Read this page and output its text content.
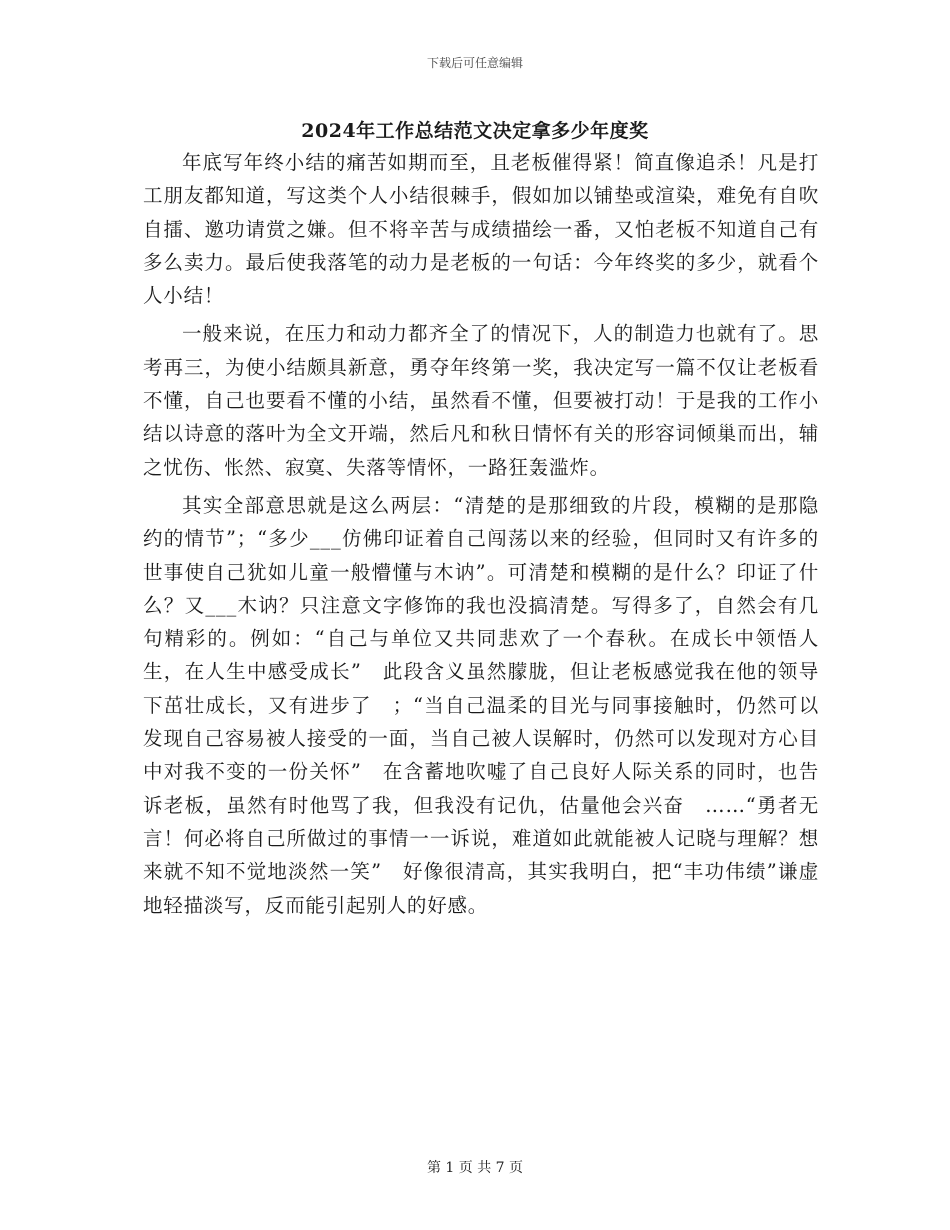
下载后可任意编辑
2024年工作总结范文决定拿多少年度奖

年底写年终小结的痛苦如期而至，且老板催得紧！简直像追杀！凡是打工朋友都知道，写这类个人小结很棘手，假如加以铺垫或渲染，难免有自吹自擂、邀功请赏之嫌。但不将辛苦与成绩描绘一番，又怕老板不知道自己有多么卖力。最后使我落笔的动力是老板的一句话：今年终奖的多少，就看个人小结！

一般来说，在压力和动力都齐全了的情况下，人的制造力也就有了。思考再三，为使小结颇具新意，勇夺年终第一奖，我决定写一篇不仅让老板看不懂，自己也要看不懂的小结，虽然看不懂，但要被打动！于是我的工作小结以诗意的落叶为全文开端，然后凡和秋日情怀有关的形容词倾巢而出，辅之忧伤、怅然、寂寞、失落等情怀，一路狂轰滥炸。

其实全部意思就是这么两层：“清楚的是那细致的片段，模糊的是那隐约的情节”；“多少___仿佛印证着自己闯荡以来的经验，但同时又有许多的世事使自己犹如儿童一般懵懂与木讷”。可清楚和模糊的是什么？印证了什么？又___木讷？只注意文字修饰的我也没搞清楚。写得多了，自然会有几句精彩的。例如：“自己与单位又共同悲欢了一个春秋。在成长中领悟人生，在人生中感受成长”　此段含义虽然朦胧，但让老板感觉我在他的领导下茁壮成长，又有进步了　；“当自己温柔的目光与同事接触时，仍然可以发现自己容易被人接受的一面，当自己被人误解时，仍然可以发现对方心目中对我不变的一份关怀”　在含蓄地吹嘘了自己良好人际关系的同时，也告诉老板，虽然有时他骂了我，但我没有记仇，估量他会兴奋　……“勇者无言！何必将自己所做过的事情一一诉说，难道如此就能被人记晓与理解？想来就不知不觉地淡然一笑”　好像很清高，其实我明白，把“丰功伟绩”谦虚地轻描淡写，反而能引起别人的好感。

第 1 页 共 7 页
